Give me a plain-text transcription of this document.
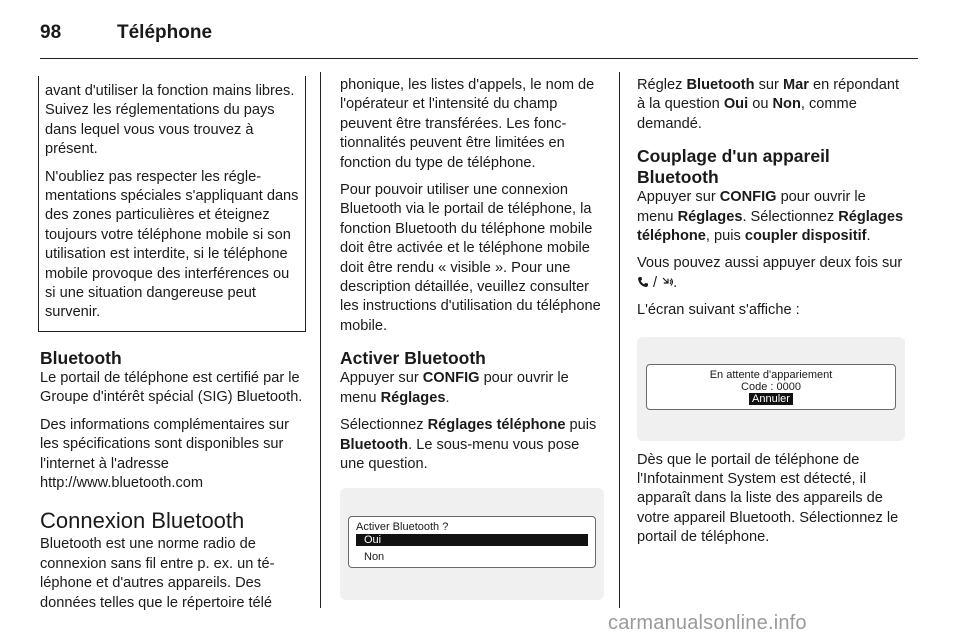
98	Téléphone

avant d'utiliser la fonction mains libres. Suivez les réglementations du pays dans lequel vous vous trouvez à présent.

N'oubliez pas respecter les réglementations spéciales s'appliquant dans des zones particulières et éteignez toujours votre téléphone mobile si son utilisation est interdite, si le téléphone mobile provoque des interférences ou si une situation dangereuse peut survenir.

Bluetooth

Le portail de téléphone est certifié par le Groupe d'intérêt spécial (SIG) Bluetooth.

Des informations complémentaires sur les spécifications sont disponibles sur l'internet à l'adresse
http://www.bluetooth.com

Connexion Bluetooth

Bluetooth est une norme radio de connexion sans fil entre p. ex. un téléphone et d'autres appareils. Des données telles que le répertoire télé

phonique, les listes d'appels, le nom de l'opérateur et l'intensité du champ peuvent être transférées. Les fonctionnalités peuvent être limitées en fonction du type de téléphone.

Pour pouvoir utiliser une connexion Bluetooth via le portail de téléphone, la fonction Bluetooth du téléphone mobile doit être activée et le téléphone mobile doit être rendu « visible ». Pour une description détaillée, veuillez consulter les instructions d'utilisation du téléphone mobile.

Activer Bluetooth

Appuyer sur CONFIG pour ouvrir le menu Réglages.

Sélectionnez Réglages téléphone puis Bluetooth. Le sous-menu vous pose une question.

Activer Bluetooth ?
Oui
Non

Réglez Bluetooth sur Mar en répondant à la question Oui ou Non, comme demandé.

Couplage d'un appareil Bluetooth

Appuyer sur CONFIG pour ouvrir le menu Réglages. Sélectionnez Réglages téléphone, puis coupler dispositif.

Vous pouvez aussi appuyer deux fois sur  / .

L'écran suivant s'affiche :

En attente d'appariement
Code : 0000
Annuler

Dès que le portail de téléphone de l'Infotainment System est détecté, il apparaît dans la liste des appareils de votre appareil Bluetooth. Sélectionnez le portail de téléphone.

carmanualsonline.info
